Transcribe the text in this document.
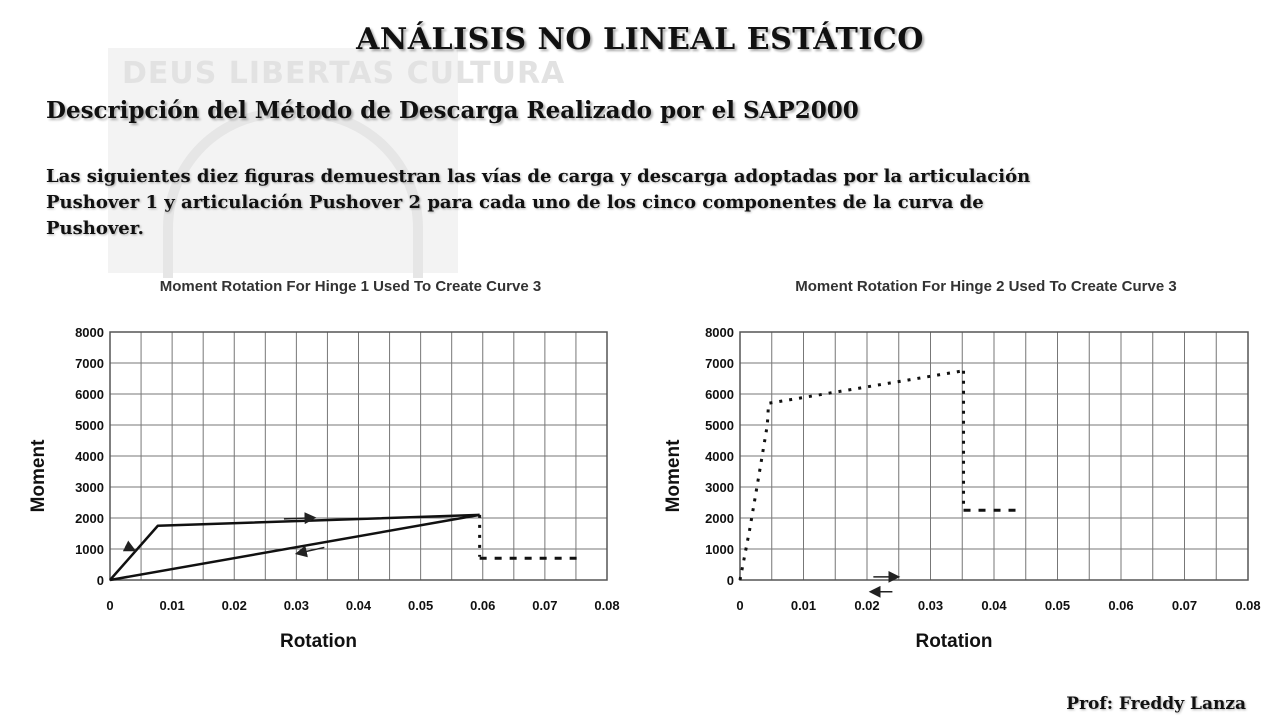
DEUS LIBERTAS CULTURA
ANÁLISIS NO LINEAL ESTÁTICO
Descripción del Método de Descarga Realizado por el SAP2000
Las siguientes diez figuras demuestran las vías de carga y descarga adoptadas por la articulación Pushover 1 y articulación Pushover 2 para cada uno de los cinco componentes de la curva de Pushover.
Moment Rotation For Hinge 1 Used To Create Curve 3
0
1000
2000
3000
4000
5000
6000
7000
8000
0	0.01	0.02	0.03	0.04	0.05	0.06	0.07	0.08
Rotation
Moment
Moment Rotation For Hinge 2 Used To Create Curve 3
0
1000
2000
3000
4000
5000
6000
7000
8000
0	0.01	0.02	0.03	0.04	0.05	0.06	0.07	0.08
Rotation
Moment
Prof: Freddy Lanza
